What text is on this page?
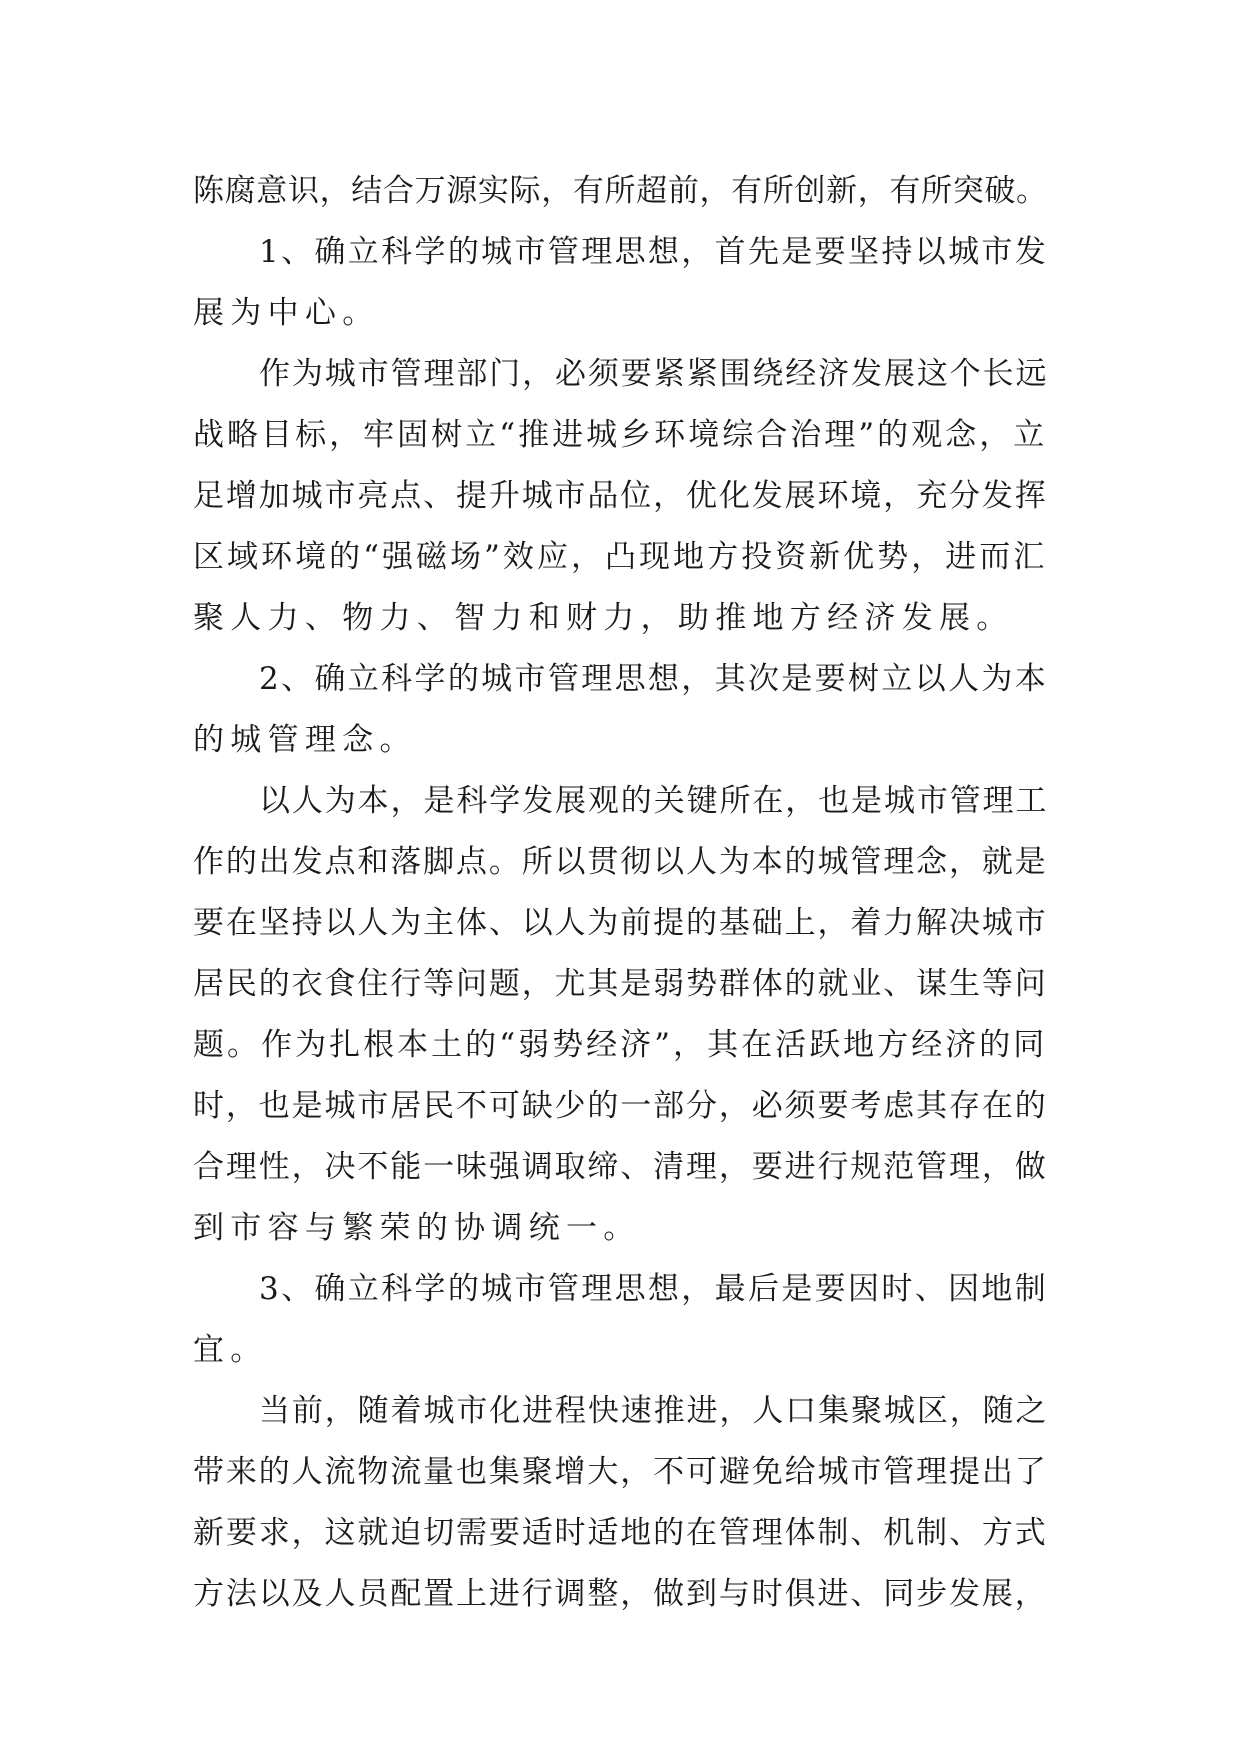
陈腐意识，结合万源实际，有所超前，有所创新，有所突破。

1、确立科学的城市管理思想，首先是要坚持以城市发
展为中心。

作为城市管理部门，必须要紧紧围绕经济发展这个长远
战略目标，牢固树立“推进城乡环境综合治理”的观念，立
足增加城市亮点、提升城市品位，优化发展环境，充分发挥
区域环境的“强磁场”效应，凸现地方投资新优势，进而汇
聚人力、物力、智力和财力，助推地方经济发展。

2、确立科学的城市管理思想，其次是要树立以人为本
的城管理念。

以人为本，是科学发展观的关键所在，也是城市管理工
作的出发点和落脚点。所以贯彻以人为本的城管理念，就是
要在坚持以人为主体、以人为前提的基础上，着力解决城市
居民的衣食住行等问题，尤其是弱势群体的就业、谋生等问
题。作为扎根本土的“弱势经济”，其在活跃地方经济的同
时，也是城市居民不可缺少的一部分，必须要考虑其存在的
合理性，决不能一味强调取缔、清理，要进行规范管理，做
到市容与繁荣的协调统一。

3、确立科学的城市管理思想，最后是要因时、因地制
宜。

当前，随着城市化进程快速推进，人口集聚城区，随之
带来的人流物流量也集聚增大，不可避免给城市管理提出了
新要求，这就迫切需要适时适地的在管理体制、机制、方式
方法以及人员配置上进行调整，做到与时俱进、同步发展，
